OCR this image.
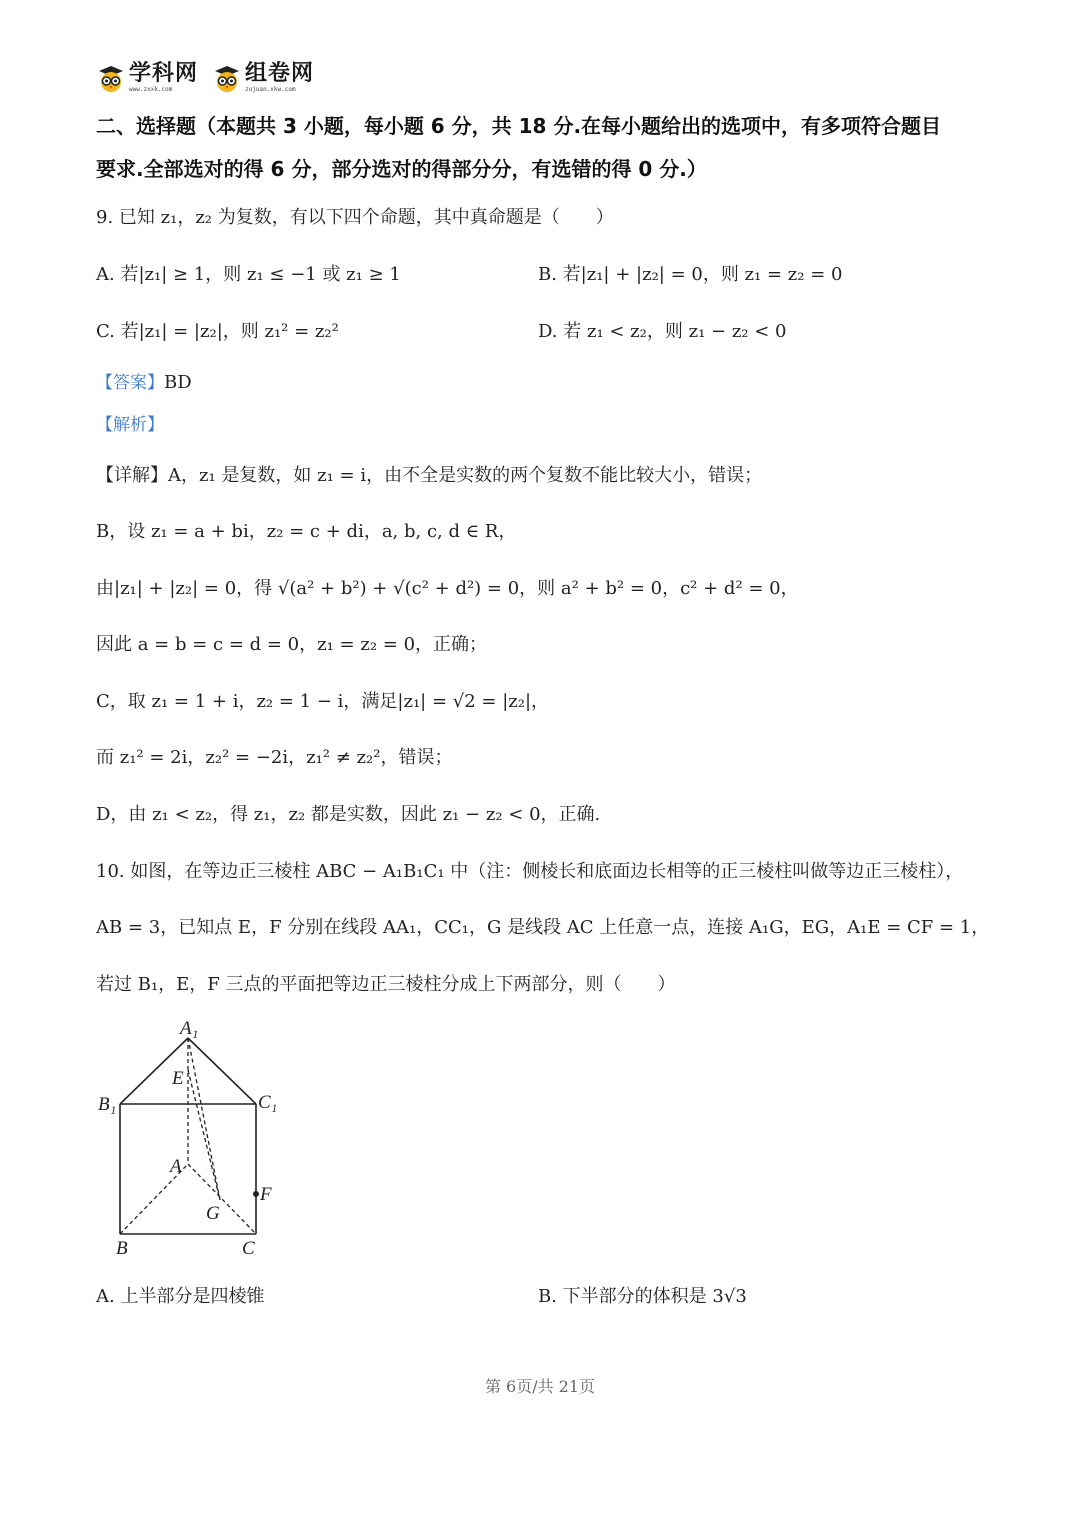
学科网
www.zxxk.com
组卷网
zujuan.xkw.com
二、选择题（本题共 3 小题，每小题 6 分，共 18 分.在每小题给出的选项中，有多项符合题目
要求.全部选对的得 6 分，部分选对的得部分分，有选错的得 0 分.）
9. 已知 z₁，z₂ 为复数，有以下四个命题，其中真命题是（　　）
A. 若|z₁| ≥ 1，则 z₁ ≤ −1 或 z₁ ≥ 1	B. 若|z₁| + |z₂| = 0，则 z₁ = z₂ = 0
C. 若|z₁| = |z₂|，则 z₁² = z₂²	D. 若 z₁ < z₂，则 z₁ − z₂ < 0
【答案】BD
【解析】
【详解】A，z₁ 是复数，如 z₁ = i，由不全是实数的两个复数不能比较大小，错误；
B，设 z₁ = a + bi，z₂ = c + di，a, b, c, d ∈ R，
由|z₁| + |z₂| = 0，得 √(a² + b²) + √(c² + d²) = 0，则 a² + b² = 0，c² + d² = 0，
因此 a = b = c = d = 0，z₁ = z₂ = 0，正确；
C，取 z₁ = 1 + i，z₂ = 1 − i，满足|z₁| = √2 = |z₂|，
而 z₁² = 2i，z₂² = −2i，z₁² ≠ z₂²，错误；
D，由 z₁ < z₂，得 z₁，z₂ 都是实数，因此 z₁ − z₂ < 0，正确.
10. 如图，在等边正三棱柱 ABC − A₁B₁C₁ 中（注：侧棱长和底面边长相等的正三棱柱叫做等边正三棱柱），
AB = 3，已知点 E，F 分别在线段 AA₁，CC₁，G 是线段 AC 上任意一点，连接 A₁G，EG，A₁E = CF = 1，
若过 B₁，E，F 三点的平面把等边正三棱柱分成上下两部分，则（　　）
A₁
B₁	C₁
E
A
F
G
B	C
A. 上半部分是四棱锥	B. 下半部分的体积是 3√3
第 6页/共 21页
